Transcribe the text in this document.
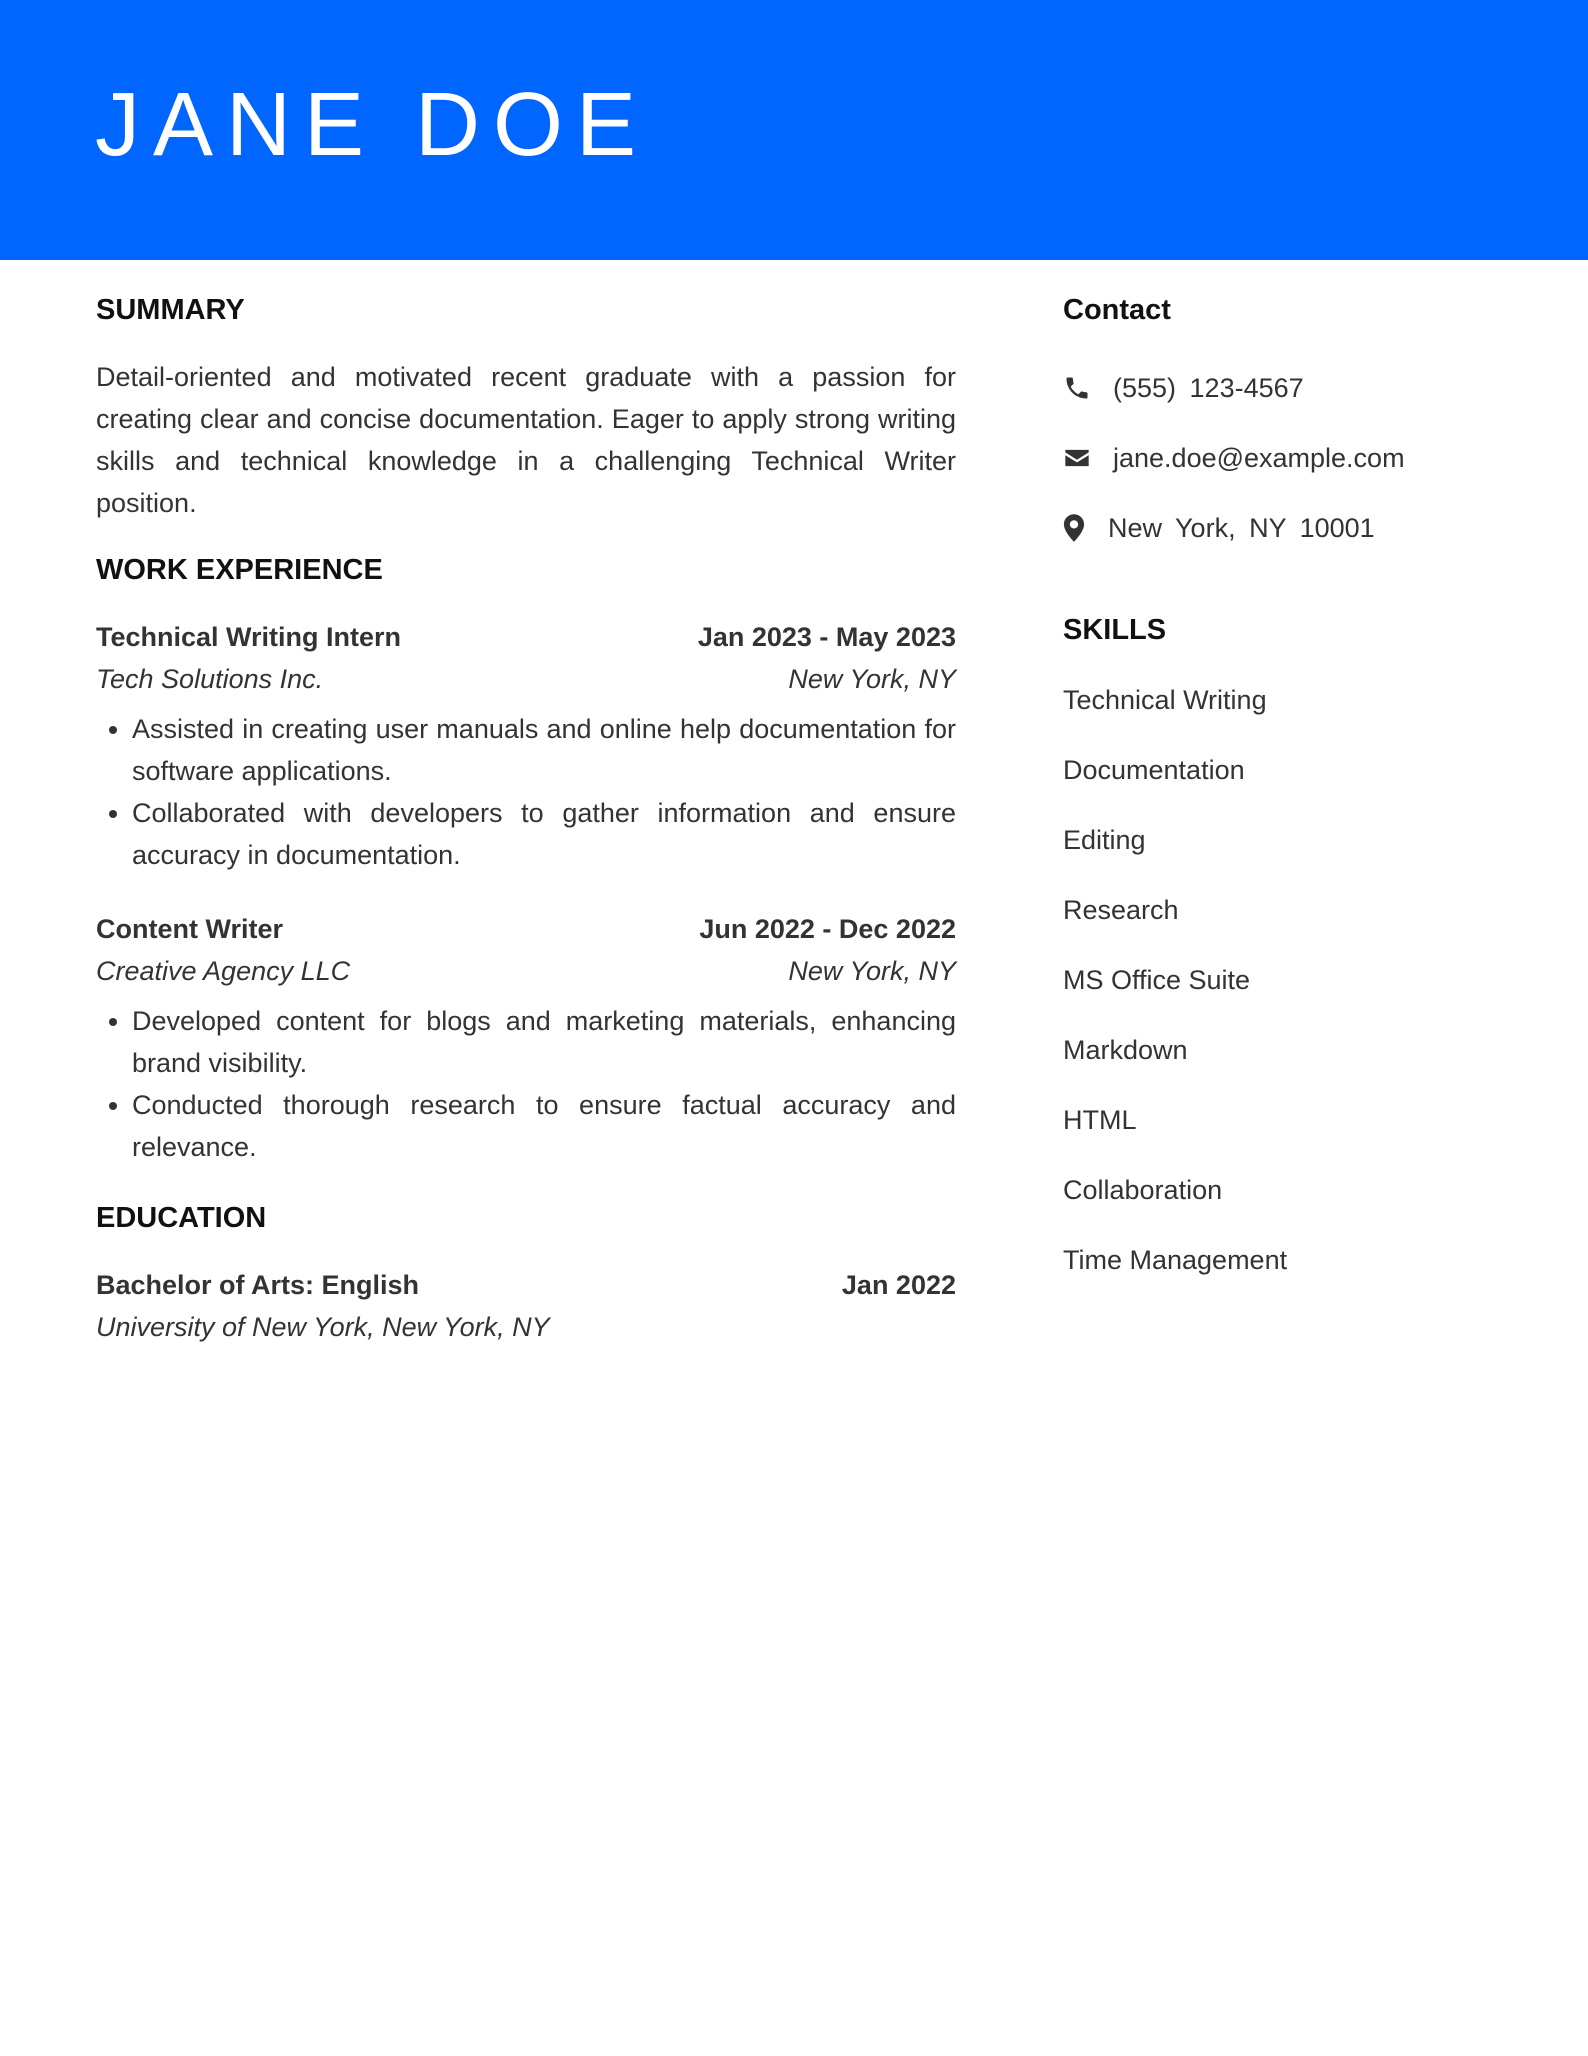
JANE DOE
SUMMARY
Detail-oriented and motivated recent graduate with a passion for creating clear and concise documentation. Eager to apply strong writing skills and technical knowledge in a challenging Technical Writer position.
WORK EXPERIENCE
Technical Writing Intern	Jan 2023 - May 2023
Tech Solutions Inc.	New York, NY
• Assisted in creating user manuals and online help documentation for software applications.
• Collaborated with developers to gather information and ensure accuracy in documentation.
Content Writer	Jun 2022 - Dec 2022
Creative Agency LLC	New York, NY
• Developed content for blogs and marketing materials, enhancing brand visibility.
• Conducted thorough research to ensure factual accuracy and relevance.
EDUCATION
Bachelor of Arts: English	Jan 2022
University of New York, New York, NY
Contact
(555) 123-4567
jane.doe@example.com
New York, NY 10001
SKILLS
Technical Writing
Documentation
Editing
Research
MS Office Suite
Markdown
HTML
Collaboration
Time Management
